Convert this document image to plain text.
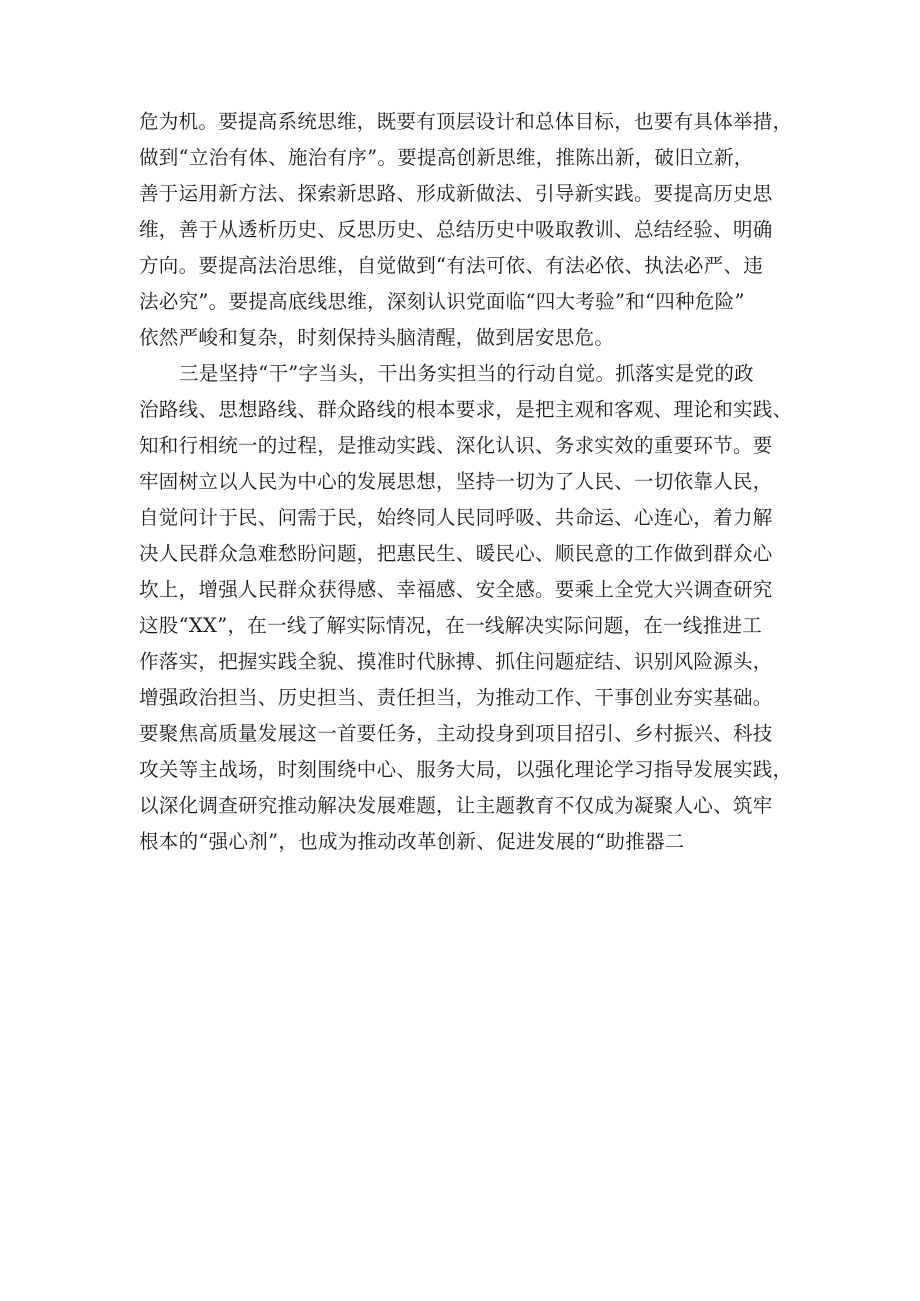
危为机。要提高系统思维，既要有顶层设计和总体目标，也要有具体举措，
做到“立治有体、施治有序”。要提高创新思维，推陈出新，破旧立新，
善于运用新方法、探索新思路、形成新做法、引导新实践。要提高历史思
维，善于从透析历史、反思历史、总结历史中吸取教训、总结经验、明确
方向。要提高法治思维，自觉做到“有法可依、有法必依、执法必严、违
法必究”。要提高底线思维，深刻认识党面临“四大考验”和“四种危险”
依然严峻和复杂，时刻保持头脑清醒，做到居安思危。
三是坚持“干”字当头，干出务实担当的行动自觉。抓落实是党的政
治路线、思想路线、群众路线的根本要求，是把主观和客观、理论和实践、
知和行相统一的过程，是推动实践、深化认识、务求实效的重要环节。要
牢固树立以人民为中心的发展思想，坚持一切为了人民、一切依靠人民，
自觉问计于民、问需于民，始终同人民同呼吸、共命运、心连心，着力解
决人民群众急难愁盼问题，把惠民生、暖民心、顺民意的工作做到群众心
坎上，增强人民群众获得感、幸福感、安全感。要乘上全党大兴调查研究
这股“XX”，在一线了解实际情况，在一线解决实际问题，在一线推进工
作落实，把握实践全貌、摸准时代脉搏、抓住问题症结、识别风险源头，
增强政治担当、历史担当、责任担当，为推动工作、干事创业夯实基础。
要聚焦高质量发展这一首要任务，主动投身到项目招引、乡村振兴、科技
攻关等主战场，时刻围绕中心、服务大局，以强化理论学习指导发展实践，
以深化调查研究推动解决发展难题，让主题教育不仅成为凝聚人心、筑牢
根本的“强心剂”，也成为推动改革创新、促进发展的“助推器二
